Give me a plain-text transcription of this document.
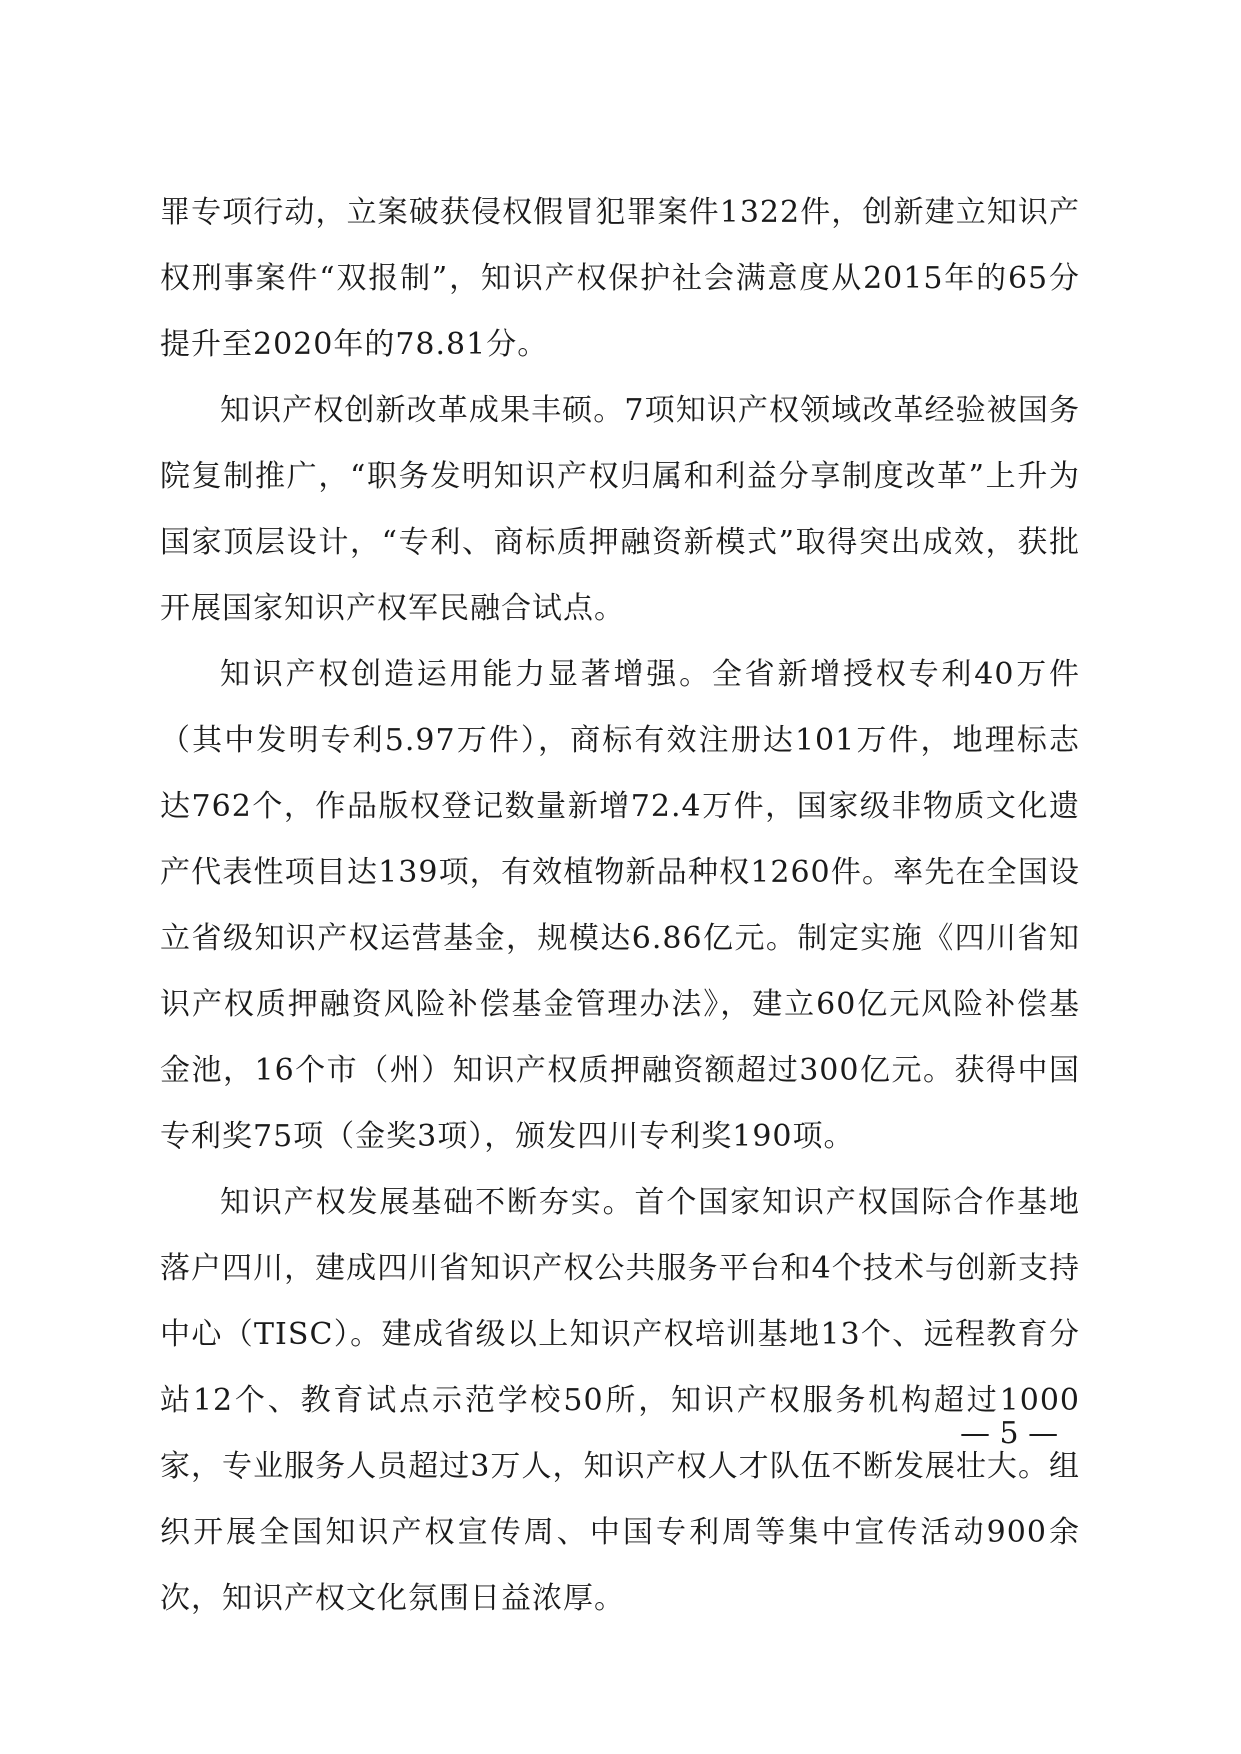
罪专项行动，立案破获侵权假冒犯罪案件1322件，创新建立知识产权刑事案件“双报制”，知识产权保护社会满意度从2015年的65分提升至2020年的78.81分。

知识产权创新改革成果丰硕。7项知识产权领域改革经验被国务院复制推广，“职务发明知识产权归属和利益分享制度改革”上升为国家顶层设计，“专利、商标质押融资新模式”取得突出成效，获批开展国家知识产权军民融合试点。

知识产权创造运用能力显著增强。全省新增授权专利40万件（其中发明专利5.97万件），商标有效注册达101万件，地理标志达762个，作品版权登记数量新增72.4万件，国家级非物质文化遗产代表性项目达139项，有效植物新品种权1260件。率先在全国设立省级知识产权运营基金，规模达6.86亿元。制定实施《四川省知识产权质押融资风险补偿基金管理办法》，建立60亿元风险补偿基金池，16个市（州）知识产权质押融资额超过300亿元。获得中国专利奖75项（金奖3项），颁发四川专利奖190项。

知识产权发展基础不断夯实。首个国家知识产权国际合作基地落户四川，建成四川省知识产权公共服务平台和4个技术与创新支持中心（TISC）。建成省级以上知识产权培训基地13个、远程教育分站12个、教育试点示范学校50所，知识产权服务机构超过1000家，专业服务人员超过3万人，知识产权人才队伍不断发展壮大。组织开展全国知识产权宣传周、中国专利周等集中宣传活动900余次，知识产权文化氛围日益浓厚。

— 5 —
